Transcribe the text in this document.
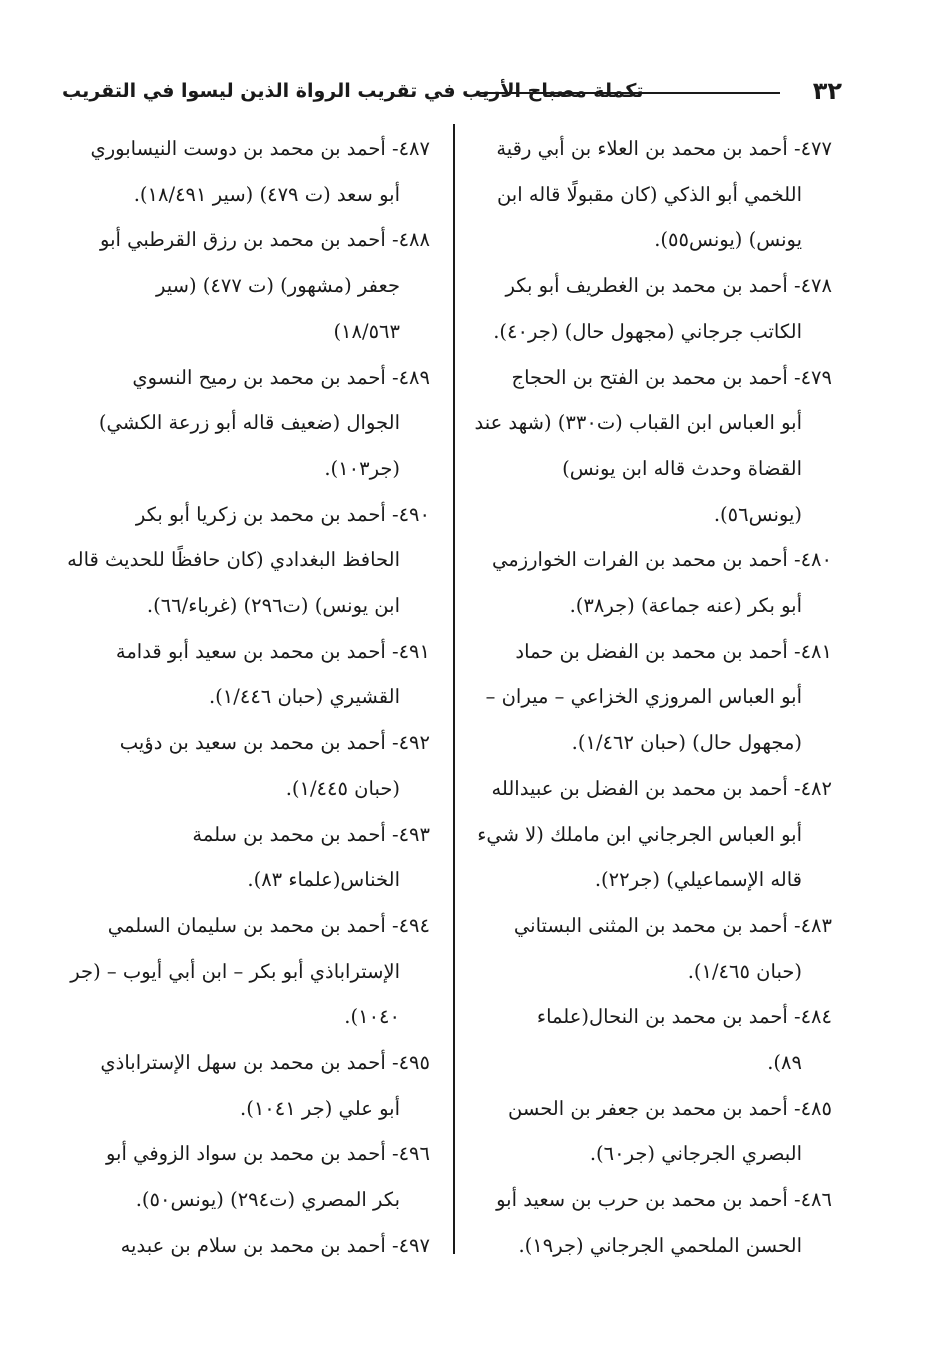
٣٢
تكملة مصباح الأريب في تقريب الرواة الذين ليسوا في التقريب
٤٧٧- أحمد بن محمد بن العلاء بن أبي رقية
اللخمي أبو الذكي (كان مقبولًا قاله ابن
يونس) (يونس٥٥).
٤٧٨- أحمد بن محمد بن الغطريف أبو بكر
الكاتب جرجاني (مجهول حال) (جر٤٠).
٤٧٩- أحمد بن محمد بن الفتح بن الحجاج
أبو العباس ابن القباب (ت٣٣٠) (شهد عند
القضاة وحدث قاله ابن يونس)
(يونس٥٦).
٤٨٠- أحمد بن محمد بن الفرات الخوارزمي
أبو بكر (عنه جماعة) (جر٣٨).
٤٨١- أحمد بن محمد بن الفضل بن حماد
أبو العباس المروزي الخزاعي – ميران –
(مجهول حال) (حبان ١/٤٦٢).
٤٨٢- أحمد بن محمد بن الفضل بن عبيدالله
أبو العباس الجرجاني ابن ماملك (لا شيء
قاله الإسماعيلي) (جر٢٢).
٤٨٣- أحمد بن محمد بن المثنى البستاني
(حبان ١/٤٦٥).
٤٨٤- أحمد بن محمد بن النحال(علماء
٨٩).
٤٨٥- أحمد بن محمد بن جعفر بن الحسن
البصري الجرجاني (جر٦٠).
٤٨٦- أحمد بن محمد بن حرب بن سعيد أبو
الحسن الملحمي الجرجاني (جر١٩).
٤٨٧- أحمد بن محمد بن دوست النيسابوري
أبو سعد (ت ٤٧٩) (سير ١٨/٤٩١).
٤٨٨- أحمد بن محمد بن رزق القرطبي أبو
جعفر (مشهور) (ت ٤٧٧) (سير
١٨/٥٦٣)
٤٨٩- أحمد بن محمد بن رميح النسوي
الجوال (ضعيف قاله أبو زرعة الكشي)
(جر١٠٣).
٤٩٠- أحمد بن محمد بن زكريا أبو بكر
الحافظ البغدادي (كان حافظًا للحديث قاله
ابن يونس) (ت٢٩٦) (غرباء/٦٦).
٤٩١- أحمد بن محمد بن سعيد أبو قدامة
القشيري (حبان ١/٤٤٦).
٤٩٢- أحمد بن محمد بن سعيد بن دؤيب
(حبان ١/٤٤٥).
٤٩٣- أحمد بن محمد بن سلمة
الخناس(علماء ٨٣).
٤٩٤- أحمد بن محمد بن سليمان السلمي
الإستراباذي أبو بكر – ابن أبي أيوب – (جر
١٠٤٠).
٤٩٥- أحمد بن محمد بن سهل الإستراباذي
أبو علي (جر ١٠٤١).
٤٩٦- أحمد بن محمد بن سواد الزوفي أبو
بكر المصري (ت٢٩٤) (يونس٥٠).
٤٩٧- أحمد بن محمد بن سلام بن عبديه
